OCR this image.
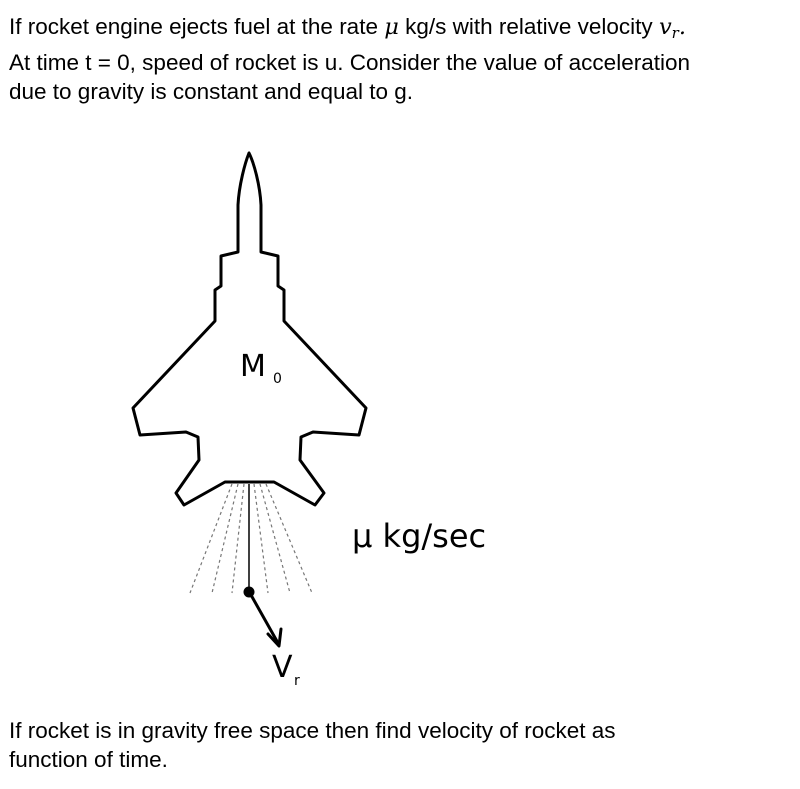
If rocket engine ejects fuel at the rate μ kg/s with relative velocity $v_r$.
At time t = 0, speed of rocket is u. Consider the value of acceleration
due to gravity is constant and equal to g.
M 0
μ kg/sec
V r
If rocket is in gravity free space then find velocity of rocket as
function of time.
